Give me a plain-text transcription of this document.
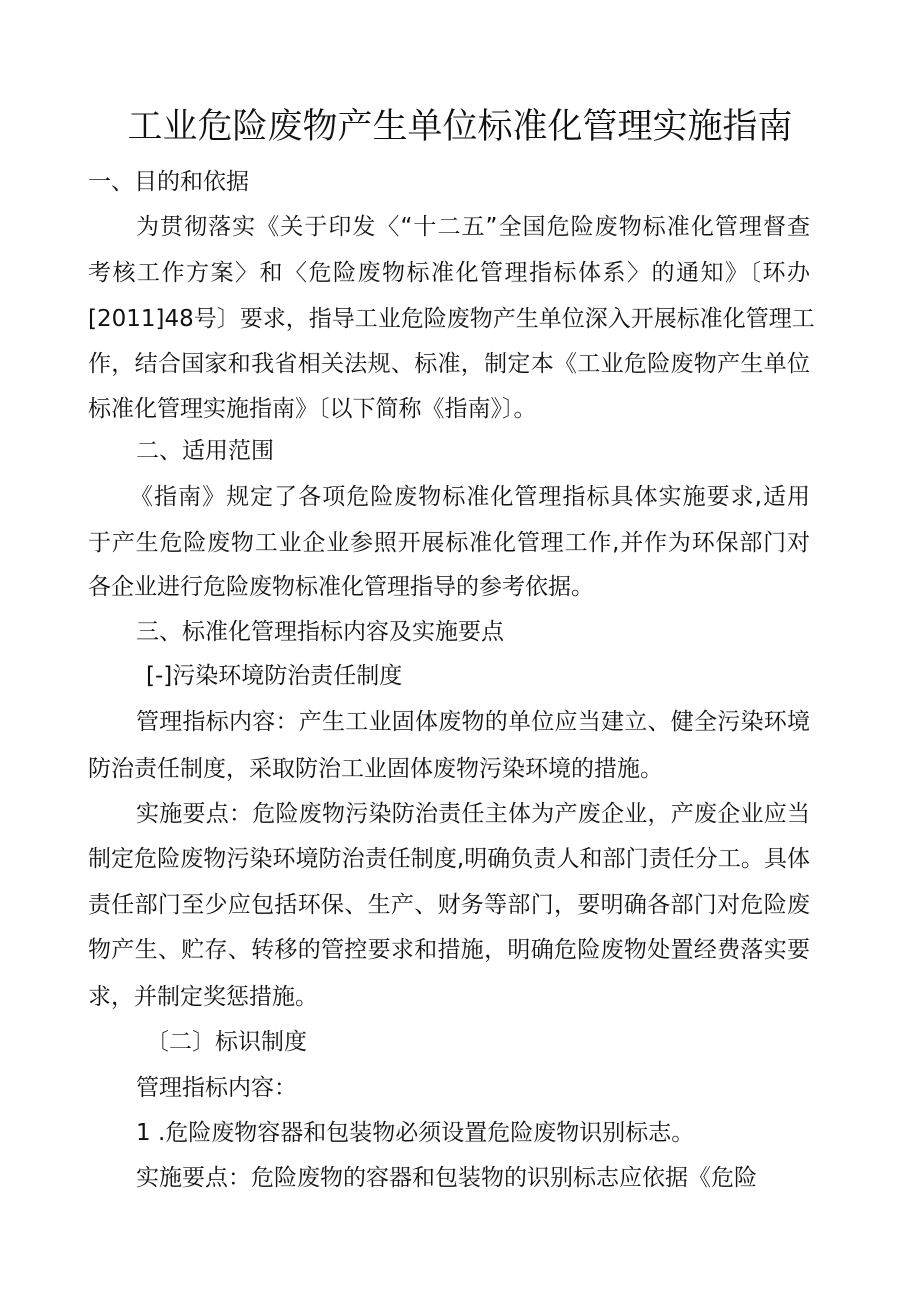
工业危险废物产生单位标准化管理实施指南
一、目的和依据
为贯彻落实《关于印发〈“十二五”全国危险废物标准化管理督查
考核工作方案〉和〈危险废物标准化管理指标体系〉的通知》〔环办
[2011]48号〕要求，指导工业危险废物产生单位深入开展标准化管理工
作，结合国家和我省相关法规、标准，制定本《工业危险废物产生单位
标准化管理实施指南》〔以下简称《指南》〕。
二、适用范围
《指南》规定了各项危险废物标准化管理指标具体实施要求,适用
于产生危险废物工业企业参照开展标准化管理工作,并作为环保部门对
各企业进行危险废物标准化管理指导的参考依据。
三、标准化管理指标内容及实施要点
[-]污染环境防治责任制度
管理指标内容：产生工业固体废物的单位应当建立、健全污染环境
防治责任制度，采取防治工业固体废物污染环境的措施。
实施要点：危险废物污染防治责任主体为产废企业，产废企业应当
制定危险废物污染环境防治责任制度,明确负责人和部门责任分工。具体
责任部门至少应包括环保、生产、财务等部门，要明确各部门对危险废
物产生、贮存、转移的管控要求和措施，明确危险废物处置经费落实要
求，并制定奖惩措施。
〔二〕标识制度
管理指标内容：
1 .危险废物容器和包装物必须设置危险废物识别标志。
实施要点：危险废物的容器和包装物的识别标志应依据《危险
